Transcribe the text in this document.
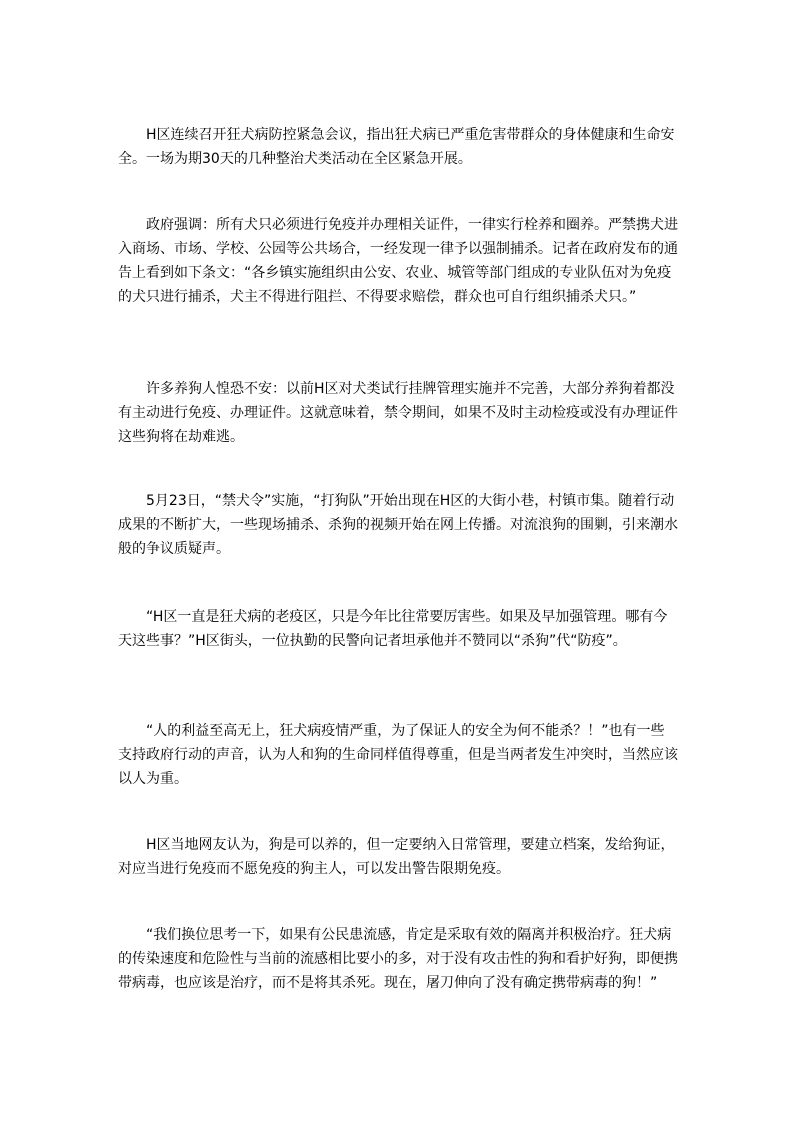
H区连续召开狂犬病防控紧急会议，指出狂犬病已严重危害带群众的身体健康和生命安全。一场为期30天的几种整治犬类活动在全区紧急开展。

政府强调：所有犬只必须进行免疫并办理相关证件，一律实行栓养和圈养。严禁携犬进入商场、市场、学校、公园等公共场合，一经发现一律予以强制捕杀。记者在政府发布的通告上看到如下条文：“各乡镇实施组织由公安、农业、城管等部门组成的专业队伍对为免疫的犬只进行捕杀，犬主不得进行阻拦、不得要求赔偿，群众也可自行组织捕杀犬只。”

许多养狗人惶恐不安：以前H区对犬类试行挂牌管理实施并不完善，大部分养狗着都没有主动进行免疫、办理证件。这就意味着，禁令期间，如果不及时主动检疫或没有办理证件这些狗将在劫难逃。

5月23日，“禁犬令”实施，“打狗队”开始出现在H区的大街小巷，村镇市集。随着行动成果的不断扩大，一些现场捕杀、杀狗的视频开始在网上传播。对流浪狗的围剿，引来潮水般的争议质疑声。

“H区一直是狂犬病的老疫区，只是今年比往常要厉害些。如果及早加强管理。哪有今天这些事？”H区街头，一位执勤的民警向记者坦承他并不赞同以“杀狗”代“防疫”。

“人的利益至高无上，狂犬病疫情严重，为了保证人的安全为何不能杀？！”也有一些支持政府行动的声音，认为人和狗的生命同样值得尊重，但是当两者发生冲突时，当然应该以人为重。

H区当地网友认为，狗是可以养的，但一定要纳入日常管理，要建立档案，发给狗证，对应当进行免疫而不愿免疫的狗主人，可以发出警告限期免疫。

“我们换位思考一下，如果有公民患流感，肯定是采取有效的隔离并积极治疗。狂犬病的传染速度和危险性与当前的流感相比要小的多，对于没有攻击性的狗和看护好狗，即便携带病毒，也应该是治疗，而不是将其杀死。现在，屠刀伸向了没有确定携带病毒的狗！”
